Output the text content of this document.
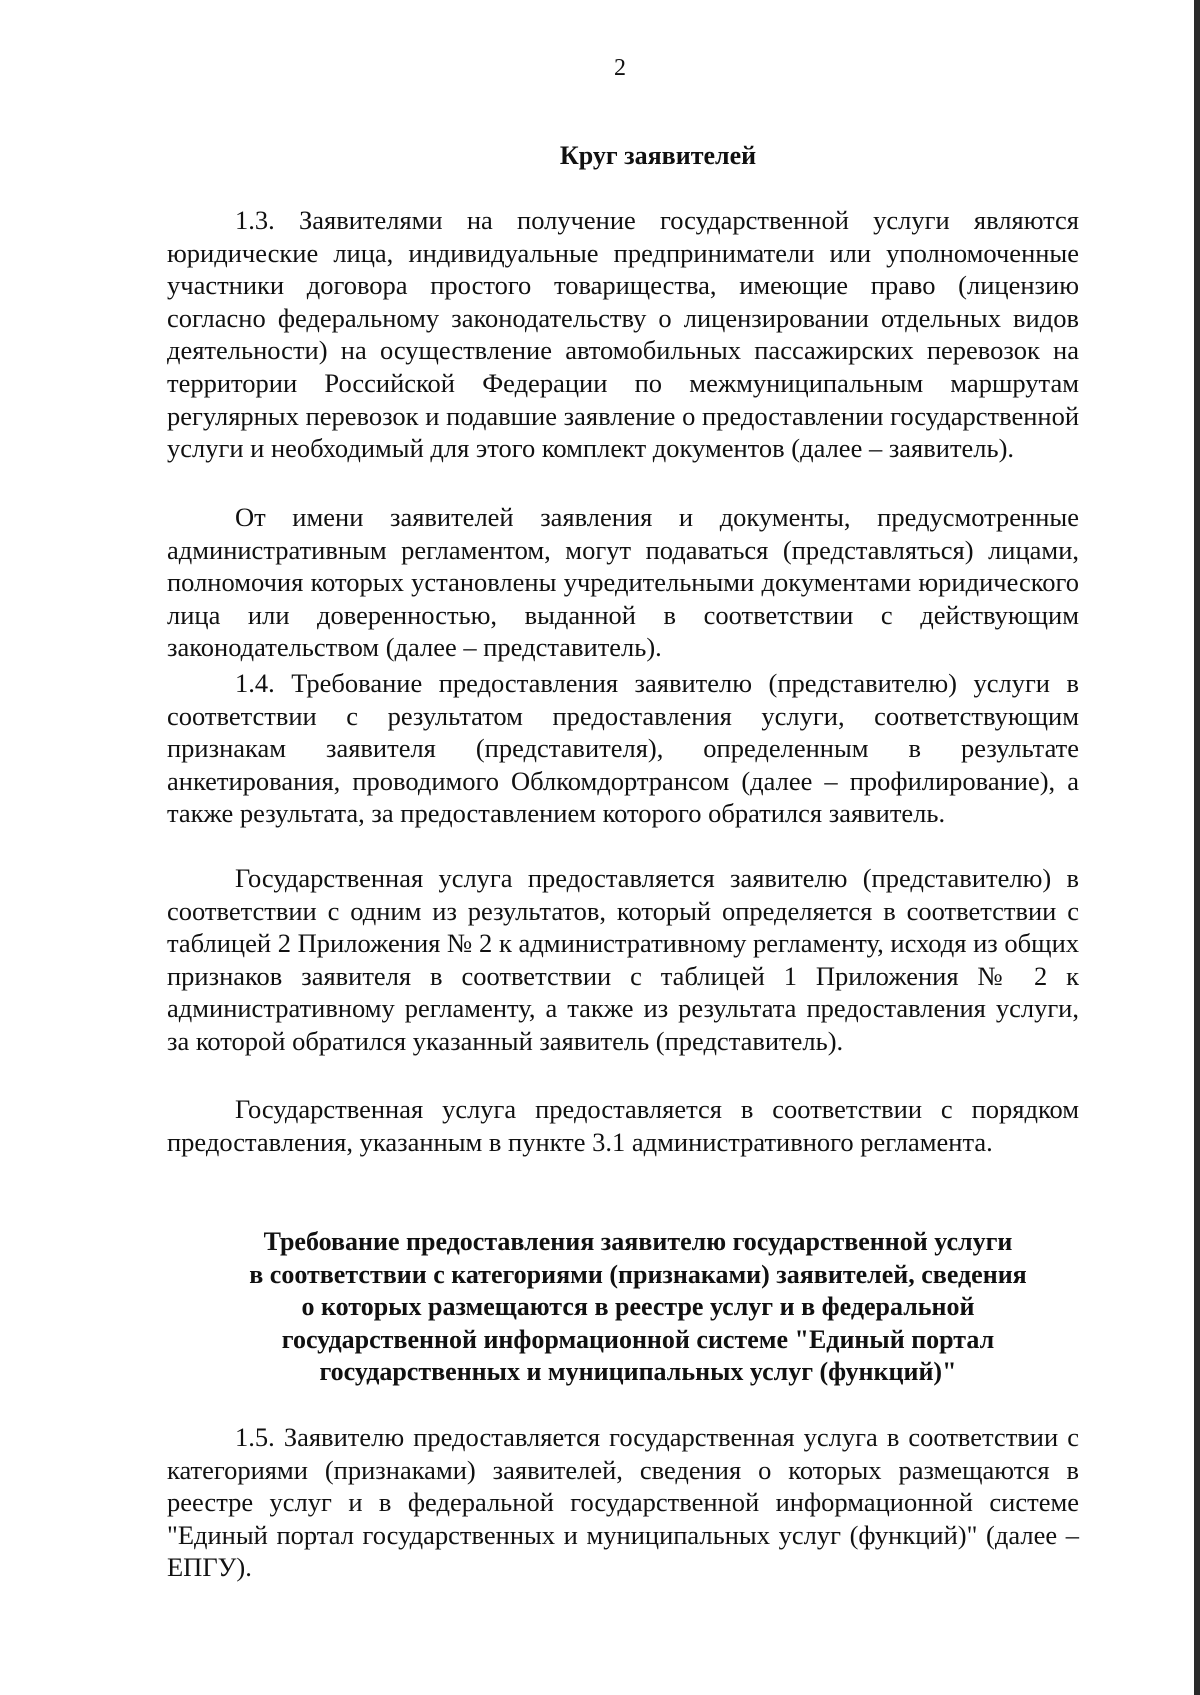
2
Круг заявителей

1.3. Заявителями на получение государственной услуги являются юридические лица, индивидуальные предприниматели или уполномоченные участники договора простого товарищества, имеющие право (лицензию согласно федеральному законодательству о лицензировании отдельных видов деятельности) на осуществление автомобильных пассажирских перевозок на территории Российской Федерации по межмуниципальным маршрутам регулярных перевозок и подавшие заявление о предоставлении государственной услуги и необходимый для этого комплект документов (далее – заявитель).

От имени заявителей заявления и документы, предусмотренные административным регламентом, могут подаваться (представляться) лицами, полномочия которых установлены учредительными документами юридического лица или доверенностью, выданной в соответствии с действующим законодательством (далее – представитель).

1.4. Требование предоставления заявителю (представителю) услуги в соответствии с результатом предоставления услуги, соответствующим признакам заявителя (представителя), определенным в результате анкетирования, проводимого Облкомдортрансом (далее – профилирование), а также результата, за предоставлением которого обратился заявитель.

Государственная услуга предоставляется заявителю (представителю) в соответствии с одним из результатов, который определяется в соответствии с таблицей 2 Приложения № 2 к административному регламенту, исходя из общих признаков заявителя в соответствии с таблицей 1 Приложения № 2 к административному регламенту, а также из результата предоставления услуги, за которой обратился указанный заявитель (представитель).

Государственная услуга предоставляется в соответствии с порядком предоставления, указанным в пункте 3.1 административного регламента.

Требование предоставления заявителю государственной услуги
в соответствии с категориями (признаками) заявителей, сведения
о которых размещаются в реестре услуг и в федеральной
государственной информационной системе "Единый портал
государственных и муниципальных услуг (функций)"

1.5. Заявителю предоставляется государственная услуга в соответствии с категориями (признаками) заявителей, сведения о которых размещаются в реестре услуг и в федеральной государственной информационной системе "Единый портал государственных и муниципальных услуг (функций)" (далее – ЕПГУ).
